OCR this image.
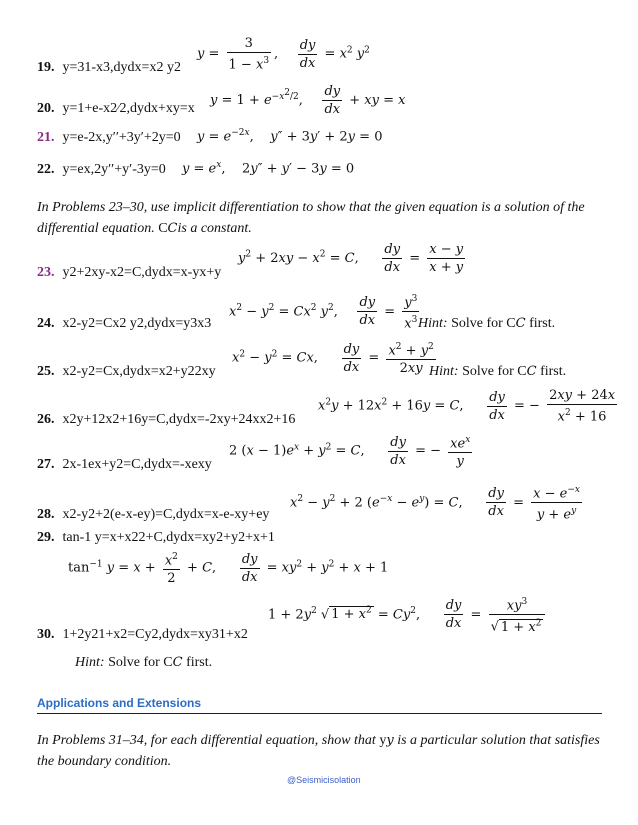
$y = \frac{3}{1 - x^3}$ , $\frac{dy}{dx} = x^2$ $y^2$
19. y=31-x3,dydx=x2 y2
$y = 1 + e^{-x^2/2}$, $\frac{dy}{dx}$ + xy = x
20. y=1+e-x2⁄2,dydx+xy=x
$y = e^{-2x}$,    y″ + 3y′ + 2y = 0
21. y=e-2x,y′′+3y′+2y=0
$y = e^x$,    2y″ + y′ − 3y = 0
22. y=ex,2y′′+y′-3y=0
In Problems 23–30, use implicit differentiation to show that the given equation is a solution of the differential equation. CCis a constant.
$y^2 + 2xy - x^2 = C$, $\frac{dy}{dx} = \frac{x - y}{x + y}$
23. y2+2xy-x2=C,dydx=x-yx+y
$x^2 - y^2 = Cx^2$ $y^2$, $\frac{dy}{dx} = \frac{y^3}{x^3}$
24. x2-y2=Cx2 y2,dydx=y3x3	Hint: Solve for CC first.
$x^2 - y^2 = Cx$, $\frac{dy}{dx} = \frac{x^2 + y^2}{2xy}$
25. x2-y2=Cx,dydx=x2+y22xy	Hint: Solve for CC first.
$x^2y + 12x^2 + 16y = C$, $\frac{dy}{dx}$ = − $\frac{2xy + 24x}{x^2 + 16}$
26. x2y+12x2+16y=C,dydx=-2xy+24xx2+16
2 $(x - 1)e^x + y^2 = C$, $\frac{dy}{dx}$ = − $\frac{xe^x}{y}$
27. 2x-1ex+y2=C,dydx=-xexy
$x^2 - y^2 + 2$ $(e^{-x} - e^y) = C$, $\frac{dy}{dx} = \frac{x - e^{-x}}{y + e^y}$
28. x2-y2+2(e-x-ey)=C,dydx=x-e-xy+ey
29. tan-1 y=x+x22+C,dydx=xy2+y2+x+1
$\tan^{-1} y = x + \frac{x^2}{2} + C$, $\frac{dy}{dx} = xy^2 + y^2 + x + 1$
$1 + 2y^2$ √ $1 + x^2 = Cy^2$, $\frac{dy}{dx} = \frac{xy^3}{√ 1 + x^2}$
30. 1+2y21+x2=Cy2,dydx=xy31+x2
Hint: Solve for CC first.
Applications and Extensions
In Problems 31–34, for each differential equation, show that yy is a particular solution that satisfies the boundary condition.
@Seismicisolation
